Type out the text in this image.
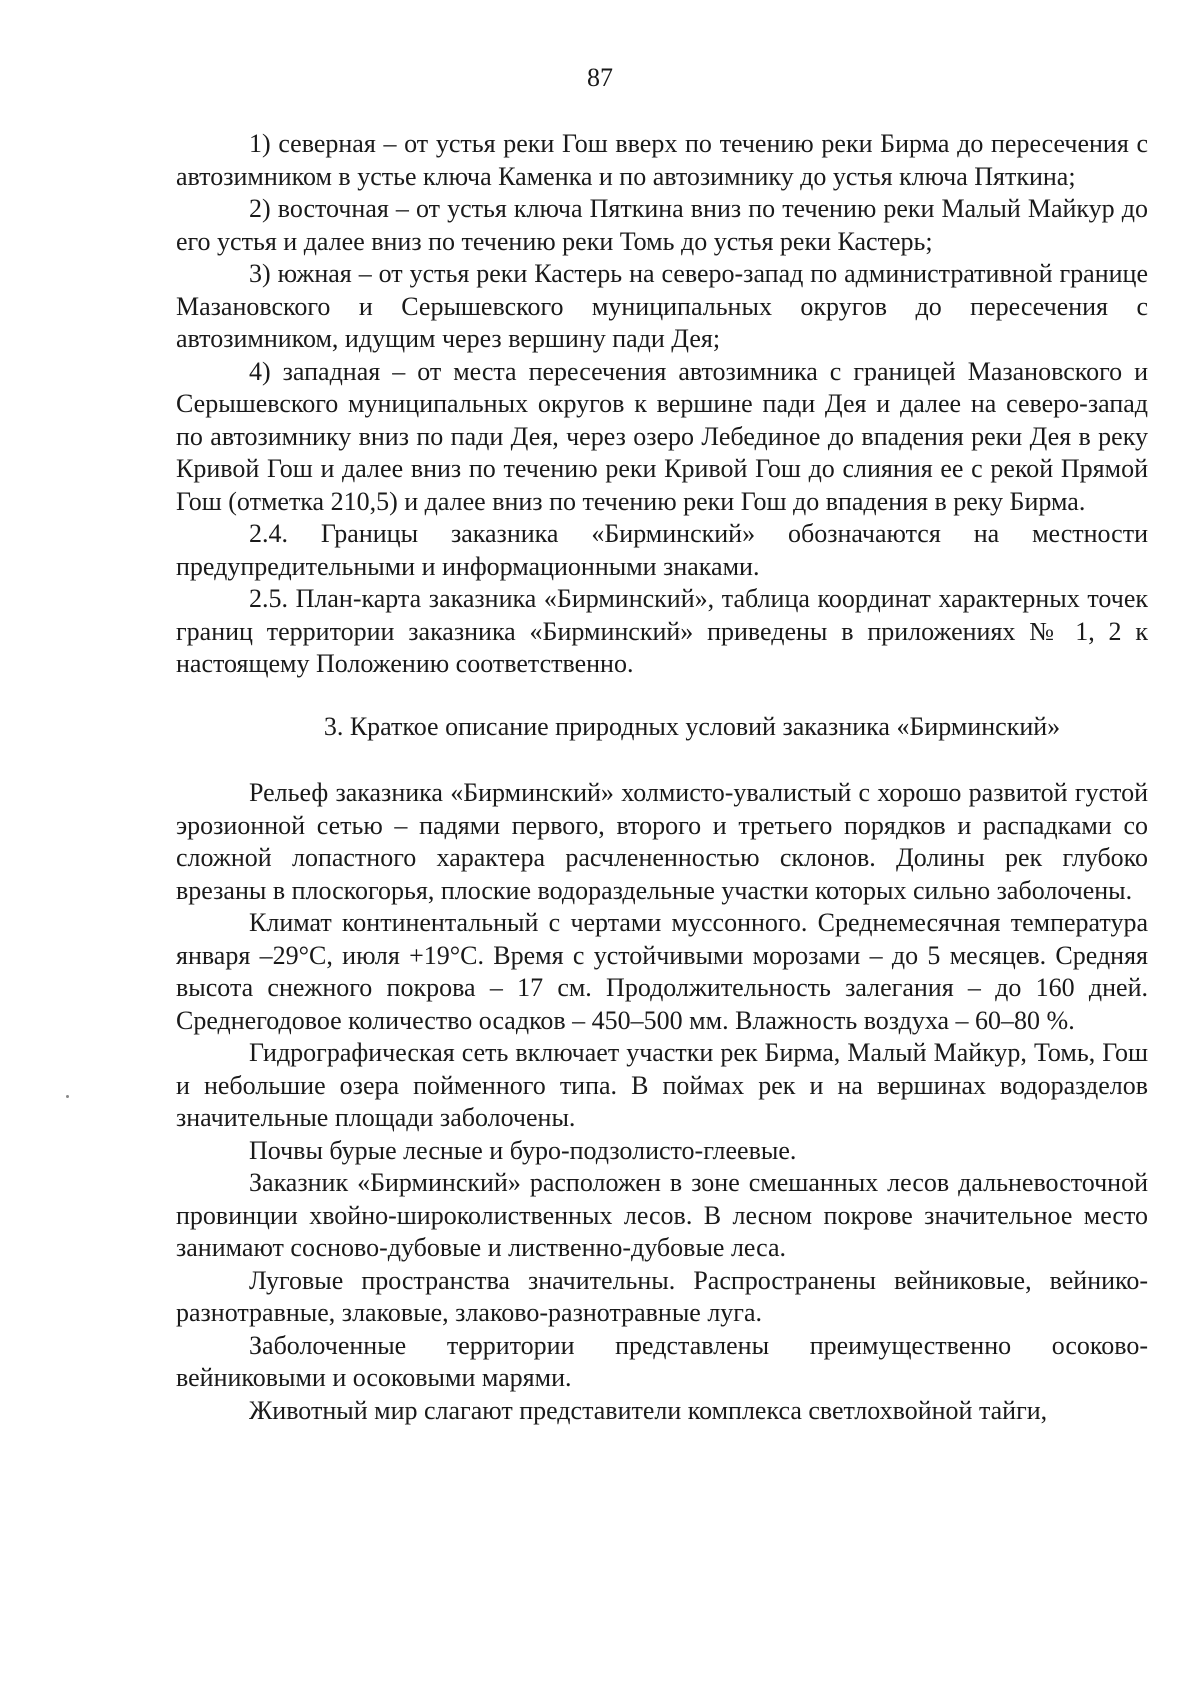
87

1) северная – от устья реки Гош вверх по течению реки Бирма до пересечения с автозимником в устье ключа Каменка и по автозимнику до устья ключа Пяткина;

2) восточная – от устья ключа Пяткина вниз по течению реки Малый Майкур до его устья и далее вниз по течению реки Томь до устья реки Кастерь;

3) южная – от устья реки Кастерь на северо-запад по административной границе Мазановского и Серышевского муниципальных округов до пересечения с автозимником, идущим через вершину пади Дея;

4) западная – от места пересечения автозимника с границей Мазановского и Серышевского муниципальных округов к вершине пади Дея и далее на северо-запад по автозимнику вниз по пади Дея, через озеро Лебединое до впадения реки Дея в реку Кривой Гош и далее вниз по течению реки Кривой Гош до слияния ее с рекой Прямой Гош (отметка 210,5) и далее вниз по течению реки Гош до впадения в реку Бирма.

2.4. Границы заказника «Бирминский» обозначаются на местности предупредительными и информационными знаками.

2.5. План-карта заказника «Бирминский», таблица координат характерных точек границ территории заказника «Бирминский» приведены в приложениях № 1, 2 к настоящему Положению соответственно.

3. Краткое описание природных условий заказника «Бирминский»

Рельеф заказника «Бирминский» холмисто-увалистый с хорошо развитой густой эрозионной сетью – падями первого, второго и третьего порядков и распадками со сложной лопастного характера расчлененностью склонов. Долины рек глубоко врезаны в плоскогорья, плоские водораздельные участки которых сильно заболочены.

Климат континентальный с чертами муссонного. Среднемесячная температура января –29°С, июля +19°С. Время с устойчивыми морозами – до 5 месяцев. Средняя высота снежного покрова – 17 см. Продолжительность залегания – до 160 дней. Среднегодовое количество осадков – 450–500 мм. Влажность воздуха – 60–80 %.

Гидрографическая сеть включает участки рек Бирма, Малый Майкур, Томь, Гош и небольшие озера пойменного типа. В поймах рек и на вершинах водоразделов значительные площади заболочены.

Почвы бурые лесные и буро-подзолисто-глеевые.

Заказник «Бирминский» расположен в зоне смешанных лесов дальневосточной провинции хвойно-широколиственных лесов. В лесном покрове значительное место занимают сосново-дубовые и лиственно-дубовые леса.

Луговые пространства значительны. Распространены вейниковые, вейнико-разнотравные, злаковые, злаково-разнотравные луга.

Заболоченные территории представлены преимущественно осоково-вейниковыми и осоковыми марями.

Животный мир слагают представители комплекса светлохвойной тайги,
